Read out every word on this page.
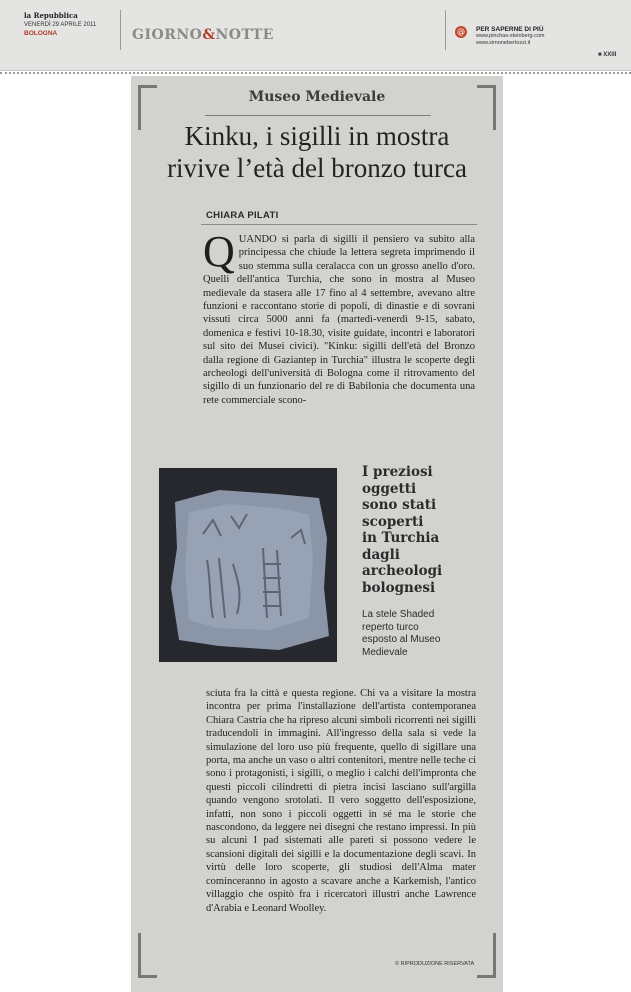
la Repubblica
VENERDÌ 29 APRILE 2011
BOLOGNA	GIORNO&NOTTE	@	PER SAPERNE DI PIÙ
www.pinchas-steinberg.com
www.simonebertozzi.it
■ XXIII
Museo Medievale
Kinku, i sigilli in mostra
rivive l’età del bronzo turca
CHIARA PILATI
Q UANDO si parla di sigilli il pensiero va subito alla principessa che chiude la lettera segreta imprimendo il suo stemma sulla ceralacca con un grosso anello d'oro. Quelli dell'antica Turchia, che sono in mostra al Museo medievale da stasera alle 17 fino al 4 settembre, avevano altre funzioni e raccontano storie di popoli, di dinastie e di sovrani vissuti circa 5000 anni fa (martedì-venerdì 9-15, sabato, domenica e festivi 10-18.30, visite guidate, incontri e laboratori sul sito dei Musei civici). "Kinku: sigilli dell'età del Bronzo dalla regione di Gaziantep in Turchia" illustra le scoperte degli archeologi dell'università di Bologna come il ritrovamento del sigillo di un funzionario del re di Babilonia che documenta una rete commerciale scono-

I preziosi
oggetti
sono stati
scoperti
in Turchia
dagli
archeologi
bolognesi
La stele Shaded
reperto turco
esposto al Museo
Medievale

sciuta fra la città e questa regione. Chi va a visitare la mostra incontra per prima l'installazione dell'artista contemporanea Chiara Castria che ha ripreso alcuni simboli ricorrenti nei sigilli traducendoli in immagini. All'ingresso della sala si vede la simulazione del loro uso più frequente, quello di sigillare una porta, ma anche un vaso o altri contenitori, mentre nelle teche ci sono i protagonisti, i sigilli, o meglio i calchi dell'impronta che questi piccoli cilindretti di pietra incisi lasciano sull'argilla quando vengono srotolati. Il vero soggetto dell'esposizione, infatti, non sono i piccoli oggetti in sé ma le storie che nascondono, da leggere nei disegni che restano impressi. In più su alcuni I pad sistemati alle pareti si possono vedere le scansioni digitali dei sigilli e la documentazione degli scavi. In virtù delle loro scoperte, gli studiosi dell'Alma mater cominceranno in agosto a scavare anche a Karkemish, l'antico villaggio che ospitò fra i ricercatori illustri anche Lawrence d'Arabia e Leonard Woolley.

© RIPRODUZIONE RISERVATA
